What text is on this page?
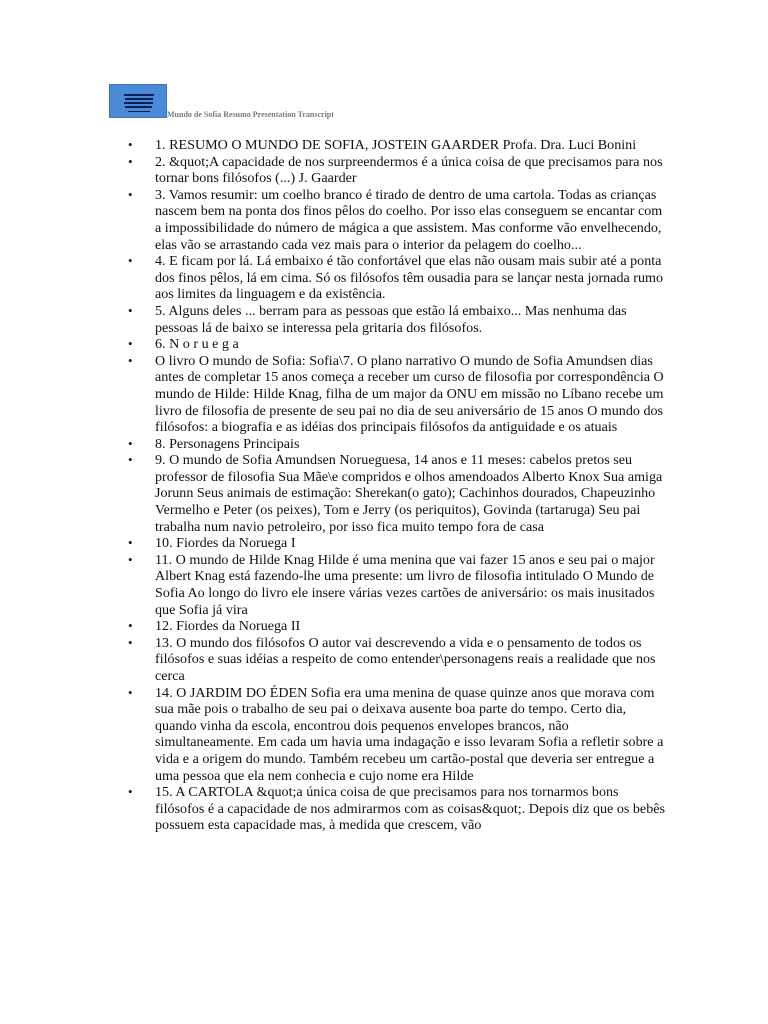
Mundo de Sofia Resumo Presentation Transcript
• 1. RESUMO O MUNDO DE SOFIA, JOSTEIN GAARDER Profa. Dra. Luci Bonini
• 2. &quot;A capacidade de nos surpreendermos é a única coisa de que precisamos para nos tornar bons filósofos (...) J. Gaarder
• 3. Vamos resumir: um coelho branco é tirado de dentro de uma cartola. Todas as crianças nascem bem na ponta dos finos pêlos do coelho. Por isso elas conseguem se encantar com a impossibilidade do número de mágica a que assistem. Mas conforme vão envelhecendo, elas vão se arrastando cada vez mais para o interior da pelagem do coelho...
• 4. E ficam por lá. Lá embaixo é tão confortável que elas não ousam mais subir até a ponta dos finos pêlos, lá em cima. Só os filósofos têm ousadia para se lançar nesta jornada rumo aos limites da linguagem e da existência.
• 5. Alguns deles ... berram para as pessoas que estão lá embaixo... Mas nenhuma das pessoas lá de baixo se interessa pela gritaria dos filósofos.
• 6. N o r u e g a
• O livro O mundo de Sofia: Sofia\7. O plano narrativo O mundo de Sofia Amundsen dias antes de completar 15 anos começa a receber um curso de filosofia por correspondência O mundo de Hilde: Hilde Knag, filha de um major da ONU em missão no Líbano recebe um livro de filosofia de presente de seu pai no dia de seu aniversário de 15 anos O mundo dos filósofos: a biografia e as idéias dos principais filósofos da antiguidade e os atuais
• 8. Personagens Principais
• 9. O mundo de Sofia Amundsen Norueguesa, 14 anos e 11 meses: cabelos pretos seu professor de filosofia Sua Mãe\e compridos e olhos amendoados Alberto Knox Sua amiga Jorunn Seus animais de estimação: Sherekan(o gato); Cachinhos dourados, Chapeuzinho Vermelho e Peter (os peixes), Tom e Jerry (os periquitos), Govinda (tartaruga) Seu pai trabalha num navio petroleiro, por isso fica muito tempo fora de casa
• 10. Fiordes da Noruega I
• 11. O mundo de Hilde Knag Hilde é uma menina que vai fazer 15 anos e seu pai o major Albert Knag está fazendo-lhe uma presente: um livro de filosofia intitulado O Mundo de Sofia Ao longo do livro ele insere várias vezes cartões de aniversário: os mais inusitados que Sofia já vira
• 12. Fiordes da Noruega II
• 13. O mundo dos filósofos O autor vai descrevendo a vida e o pensamento de todos os filósofos e suas idéias a respeito de como entender\personagens reais a realidade que nos cerca
• 14. O JARDIM DO ÉDEN Sofia era uma menina de quase quinze anos que morava com sua mãe pois o trabalho de seu pai o deixava ausente boa parte do tempo. Certo dia, quando vinha da escola, encontrou dois pequenos envelopes brancos, não simultaneamente. Em cada um havia uma indagação e isso levaram Sofia a refletir sobre a vida e a origem do mundo. Também recebeu um cartão-postal que deveria ser entregue a uma pessoa que ela nem conhecia e cujo nome era Hilde
• 15. A CARTOLA &quot;a única coisa de que precisamos para nos tornarmos bons filósofos é a capacidade de nos admirarmos com as coisas&quot;. Depois diz que os bebês possuem esta capacidade mas, à medida que crescem, vão
